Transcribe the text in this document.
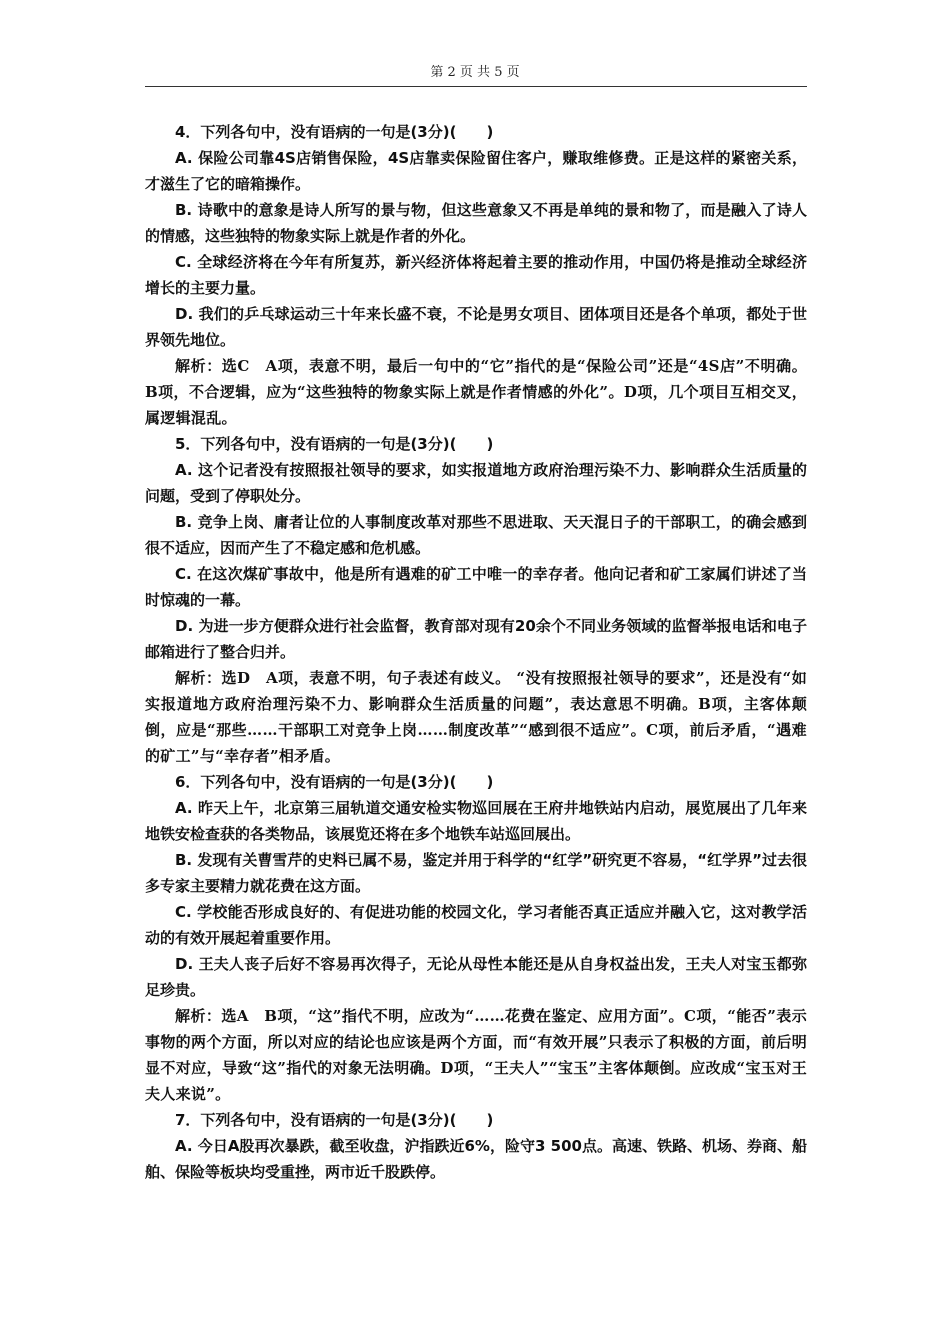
第 2 页 共 5 页

4．下列各句中，没有语病的一句是(3分)(　　)

A. 保险公司靠4S店销售保险，4S店靠卖保险留住客户，赚取维修费。正是这样的紧密关系，才滋生了它的暗箱操作。

B. 诗歌中的意象是诗人所写的景与物，但这些意象又不再是单纯的景和物了，而是融入了诗人的情感，这些独特的物象实际上就是作者的外化。

C. 全球经济将在今年有所复苏，新兴经济体将起着主要的推动作用，中国仍将是推动全球经济增长的主要力量。

D. 我们的乒乓球运动三十年来长盛不衰，不论是男女项目、团体项目还是各个单项，都处于世界领先地位。

解析：选C　A项，表意不明，最后一句中的“它”指代的是“保险公司”还是“4S店”不明确。B项，不合逻辑，应为“这些独特的物象实际上就是作者情感的外化”。D项，几个项目互相交叉，属逻辑混乱。

5．下列各句中，没有语病的一句是(3分)(　　)

A. 这个记者没有按照报社领导的要求，如实报道地方政府治理污染不力、影响群众生活质量的问题，受到了停职处分。

B. 竞争上岗、庸者让位的人事制度改革对那些不思进取、天天混日子的干部职工，的确会感到很不适应，因而产生了不稳定感和危机感。

C. 在这次煤矿事故中，他是所有遇难的矿工中唯一的幸存者。他向记者和矿工家属们讲述了当时惊魂的一幕。

D. 为进一步方便群众进行社会监督，教育部对现有20余个不同业务领域的监督举报电话和电子邮箱进行了整合归并。

解析：选D　A项，表意不明，句子表述有歧义。 “没有按照报社领导的要求”，还是没有“如实报道地方政府治理污染不力、影响群众生活质量的问题”，表达意思不明确。B项，主客体颠倒，应是“那些……干部职工对竞争上岗……制度改革”“感到很不适应”。C项，前后矛盾，“遇难的矿工”与“幸存者”相矛盾。

6．下列各句中，没有语病的一句是(3分)(　　)

A. 昨天上午，北京第三届轨道交通安检实物巡回展在王府井地铁站内启动，展览展出了几年来地铁安检查获的各类物品，该展览还将在多个地铁车站巡回展出。

B. 发现有关曹雪芹的史料已属不易，鉴定并用于科学的“红学”研究更不容易，“红学界”过去很多专家主要精力就花费在这方面。

C. 学校能否形成良好的、有促进功能的校园文化，学习者能否真正适应并融入它，这对教学活动的有效开展起着重要作用。

D. 王夫人丧子后好不容易再次得子，无论从母性本能还是从自身权益出发，王夫人对宝玉都弥足珍贵。

解析：选A　B项，“这”指代不明，应改为“……花费在鉴定、应用方面”。C项，“能否”表示事物的两个方面，所以对应的结论也应该是两个方面，而“有效开展”只表示了积极的方面，前后明显不对应，导致“这”指代的对象无法明确。D项，“王夫人”“宝玉”主客体颠倒。应改成“宝玉对王夫人来说”。

7．下列各句中，没有语病的一句是(3分)(　　)

A. 今日A股再次暴跌，截至收盘，沪指跌近6%，险守3 500点。高速、铁路、机场、券商、船舶、保险等板块均受重挫，两市近千股跌停。
